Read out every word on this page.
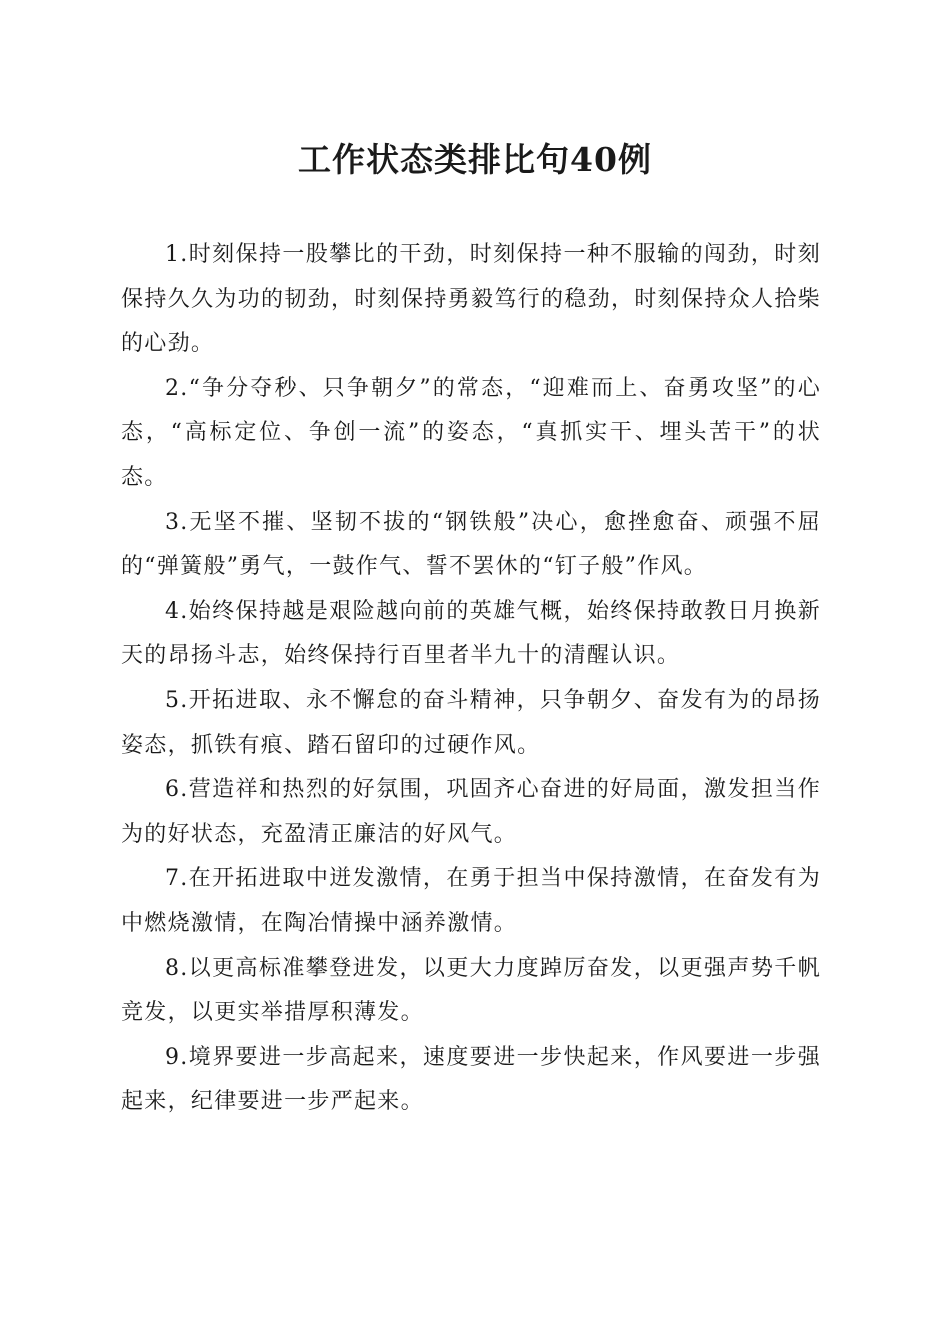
工作状态类排比句40例

1.时刻保持一股攀比的干劲，时刻保持一种不服输的闯劲，时刻保持久久为功的韧劲，时刻保持勇毅笃行的稳劲，时刻保持众人拾柴的心劲。

2.“争分夺秒、只争朝夕”的常态，“迎难而上、奋勇攻坚”的心态，“高标定位、争创一流”的姿态，“真抓实干、埋头苦干”的状态。

3.无坚不摧、坚韧不拔的“钢铁般”决心，愈挫愈奋、顽强不屈的“弹簧般”勇气，一鼓作气、誓不罢休的“钉子般”作风。

4.始终保持越是艰险越向前的英雄气概，始终保持敢教日月换新天的昂扬斗志，始终保持行百里者半九十的清醒认识。

5.开拓进取、永不懈怠的奋斗精神，只争朝夕、奋发有为的昂扬姿态，抓铁有痕、踏石留印的过硬作风。

6.营造祥和热烈的好氛围，巩固齐心奋进的好局面，激发担当作为的好状态，充盈清正廉洁的好风气。

7.在开拓进取中迸发激情，在勇于担当中保持激情，在奋发有为中燃烧激情，在陶冶情操中涵养激情。

8.以更高标准攀登进发，以更大力度踔厉奋发，以更强声势千帆竞发，以更实举措厚积薄发。

9.境界要进一步高起来，速度要进一步快起来，作风要进一步强起来，纪律要进一步严起来。
